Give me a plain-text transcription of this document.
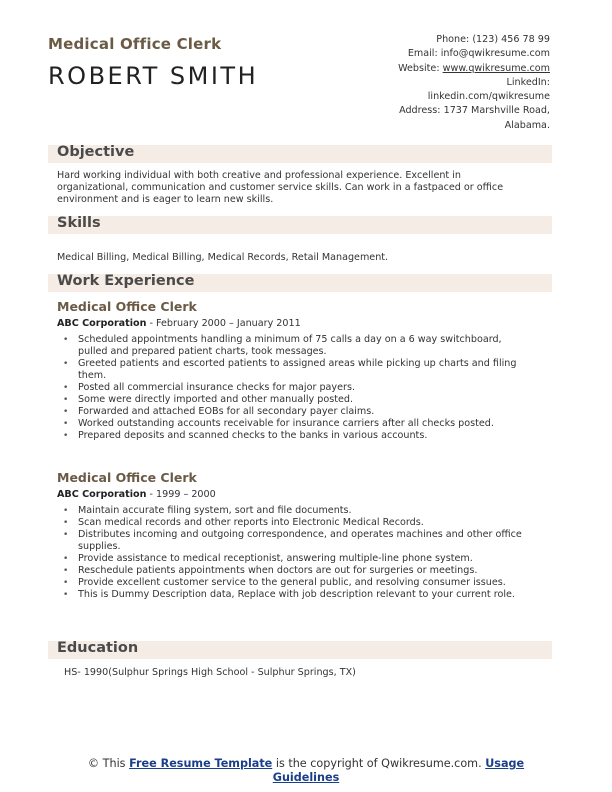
Medical Office Clerk
ROBERT SMITH
Phone: (123) 456 78 99
Email: info@qwikresume.com
Website: www.qwikresume.com
LinkedIn:
linkedin.com/qwikresume
Address: 1737 Marshville Road,
Alabama.
Objective
Hard working individual with both creative and professional experience. Excellent in
organizational, communication and customer service skills. Can work in a fastpaced or office
environment and is eager to learn new skills.
Skills
Medical Billing, Medical Billing, Medical Records, Retail Management.
Work Experience
Medical Office Clerk
ABC Corporation - February 2000 – January 2011
• Scheduled appointments handling a minimum of 75 calls a day on a 6 way switchboard,
pulled and prepared patient charts, took messages.
• Greeted patients and escorted patients to assigned areas while picking up charts and filing
them.
• Posted all commercial insurance checks for major payers.
• Some were directly imported and other manually posted.
• Forwarded and attached EOBs for all secondary payer claims.
• Worked outstanding accounts receivable for insurance carriers after all checks posted.
• Prepared deposits and scanned checks to the banks in various accounts.
Medical Office Clerk
ABC Corporation - 1999 – 2000
• Maintain accurate filing system, sort and file documents.
• Scan medical records and other reports into Electronic Medical Records.
• Distributes incoming and outgoing correspondence, and operates machines and other office
supplies.
• Provide assistance to medical receptionist, answering multiple-line phone system.
• Reschedule patients appointments when doctors are out for surgeries or meetings.
• Provide excellent customer service to the general public, and resolving consumer issues.
• This is Dummy Description data, Replace with job description relevant to your current role.
Education
HS- 1990(Sulphur Springs High School - Sulphur Springs, TX)
© This Free Resume Template is the copyright of Qwikresume.com. Usage
Guidelines
